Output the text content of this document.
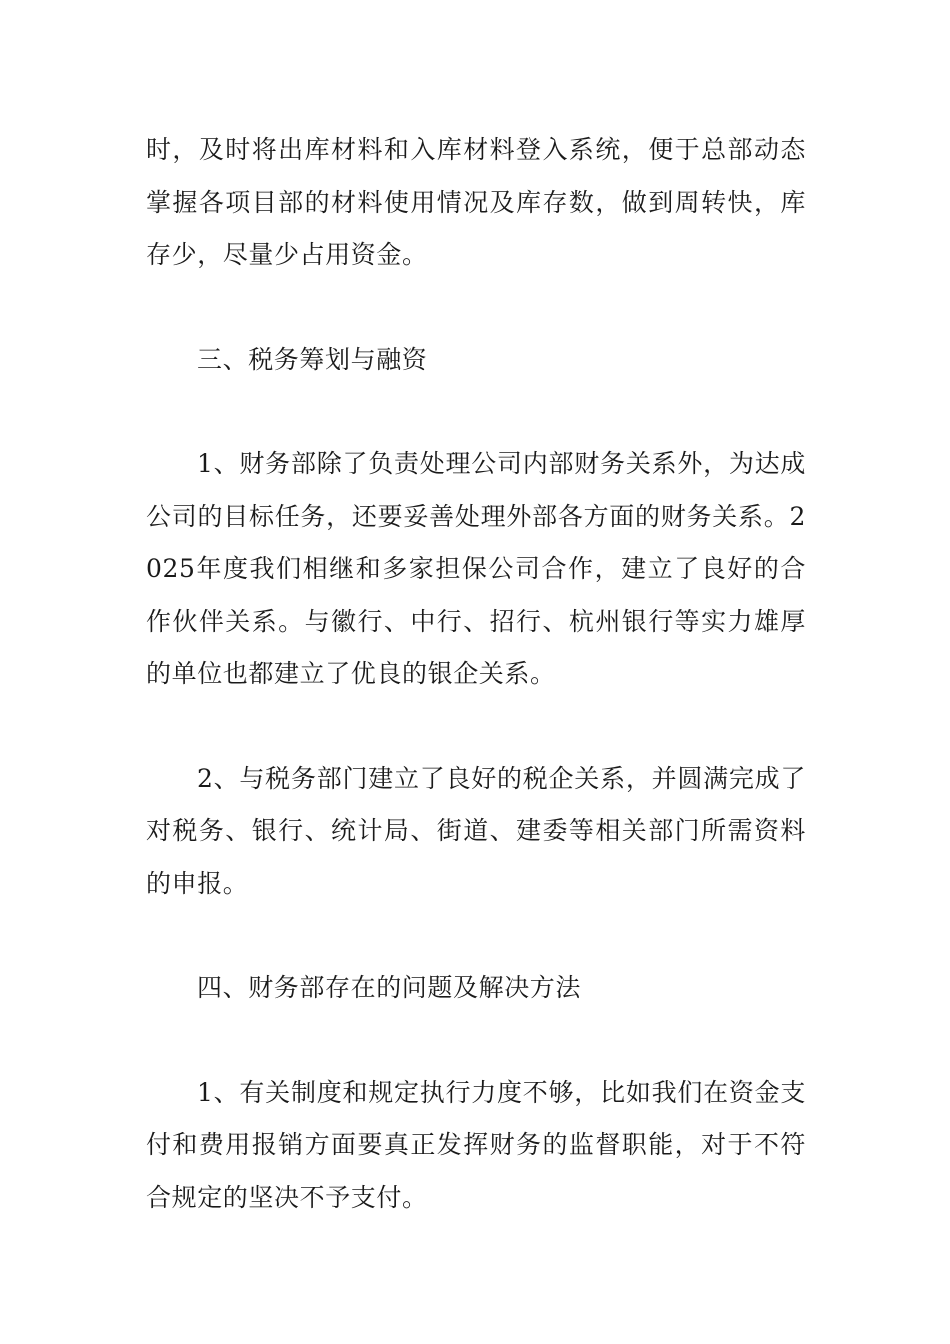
时，及时将出库材料和入库材料登入系统，便于总部动态掌握各项目部的材料使用情况及库存数，做到周转快，库存少，尽量少占用资金。

三、税务筹划与融资

1、财务部除了负责处理公司内部财务关系外，为达成公司的目标任务，还要妥善处理外部各方面的财务关系。2025年度我们相继和多家担保公司合作，建立了良好的合作伙伴关系。与徽行、中行、招行、杭州银行等实力雄厚的单位也都建立了优良的银企关系。

2、与税务部门建立了良好的税企关系，并圆满完成了对税务、银行、统计局、街道、建委等相关部门所需资料的申报。

四、财务部存在的问题及解决方法

1、有关制度和规定执行力度不够，比如我们在资金支付和费用报销方面要真正发挥财务的监督职能，对于不符合规定的坚决不予支付。
